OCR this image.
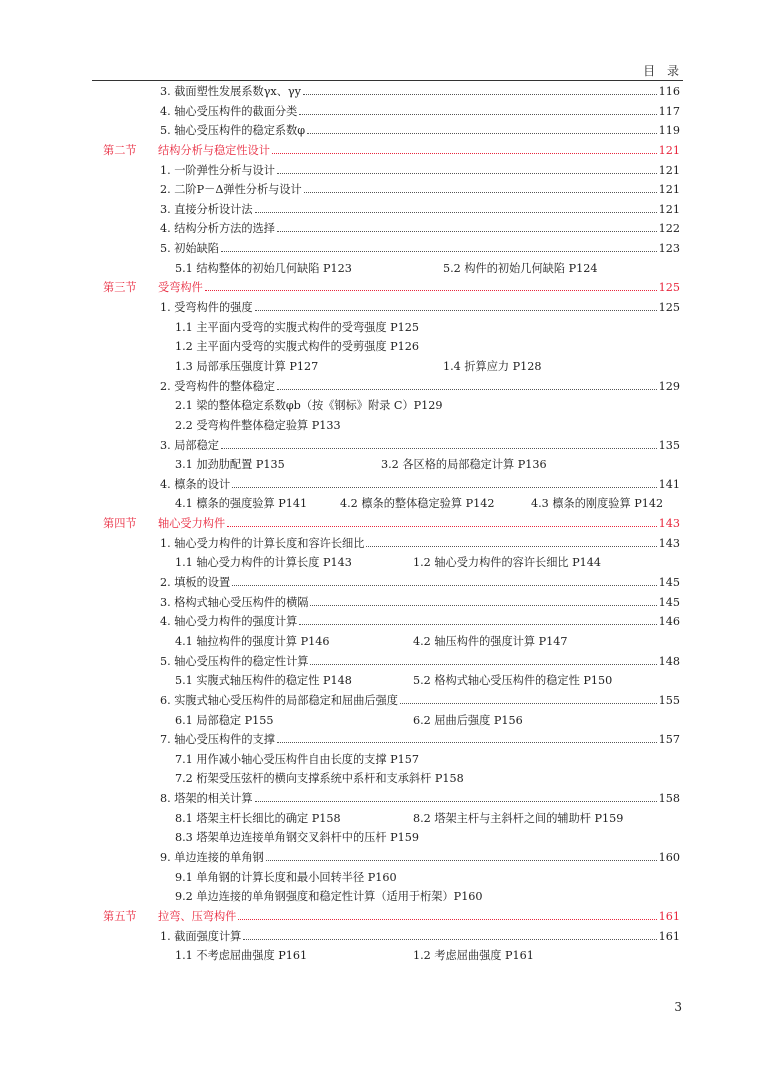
目 录
3. 截面塑性发展系数γx、γy	116
4. 轴心受压构件的截面分类	117
5. 轴心受压构件的稳定系数φ	119
第二节 结构分析与稳定性设计	121
1. 一阶弹性分析与设计	121
2. 二阶P－Δ弹性分析与设计	121
3. 直接分析设计法	121
4. 结构分析方法的选择	122
5. 初始缺陷	123
5.1 结构整体的初始几何缺陷 P123	5.2 构件的初始几何缺陷 P124
第三节 受弯构件	125
1. 受弯构件的强度	125
1.1 主平面内受弯的实腹式构件的受弯强度 P125
1.2 主平面内受弯的实腹式构件的受剪强度 P126
1.3 局部承压强度计算 P127	1.4 折算应力 P128
2. 受弯构件的整体稳定	129
2.1 梁的整体稳定系数φb（按《钢标》附录 C）P129
2.2 受弯构件整体稳定验算 P133
3. 局部稳定	135
3.1 加劲肋配置 P135	3.2 各区格的局部稳定计算 P136
4. 檩条的设计	141
4.1 檩条的强度验算 P141	4.2 檩条的整体稳定验算 P142	4.3 檩条的刚度验算 P142
第四节 轴心受力构件	143
1. 轴心受力构件的计算长度和容许长细比	143
1.1 轴心受力构件的计算长度 P143	1.2 轴心受力构件的容许长细比 P144
2. 填板的设置	145
3. 格构式轴心受压构件的横隔	145
4. 轴心受力构件的强度计算	146
4.1 轴拉构件的强度计算 P146	4.2 轴压构件的强度计算 P147
5. 轴心受压构件的稳定性计算	148
5.1 实腹式轴压构件的稳定性 P148	5.2 格构式轴心受压构件的稳定性 P150
6. 实腹式轴心受压构件的局部稳定和屈曲后强度	155
6.1 局部稳定 P155	6.2 屈曲后强度 P156
7. 轴心受压构件的支撑	157
7.1 用作减小轴心受压构件自由长度的支撑 P157
7.2 桁架受压弦杆的横向支撑系统中系杆和支承斜杆 P158
8. 塔架的相关计算	158
8.1 塔架主杆长细比的确定 P158	8.2 塔架主杆与主斜杆之间的辅助杆 P159
8.3 塔架单边连接单角钢交叉斜杆中的压杆 P159
9. 单边连接的单角钢	160
9.1 单角钢的计算长度和最小回转半径 P160
9.2 单边连接的单角钢强度和稳定性计算（适用于桁架）P160
第五节 拉弯、压弯构件	161
1. 截面强度计算	161
1.1 不考虑屈曲强度 P161	1.2 考虑屈曲强度 P161
3
